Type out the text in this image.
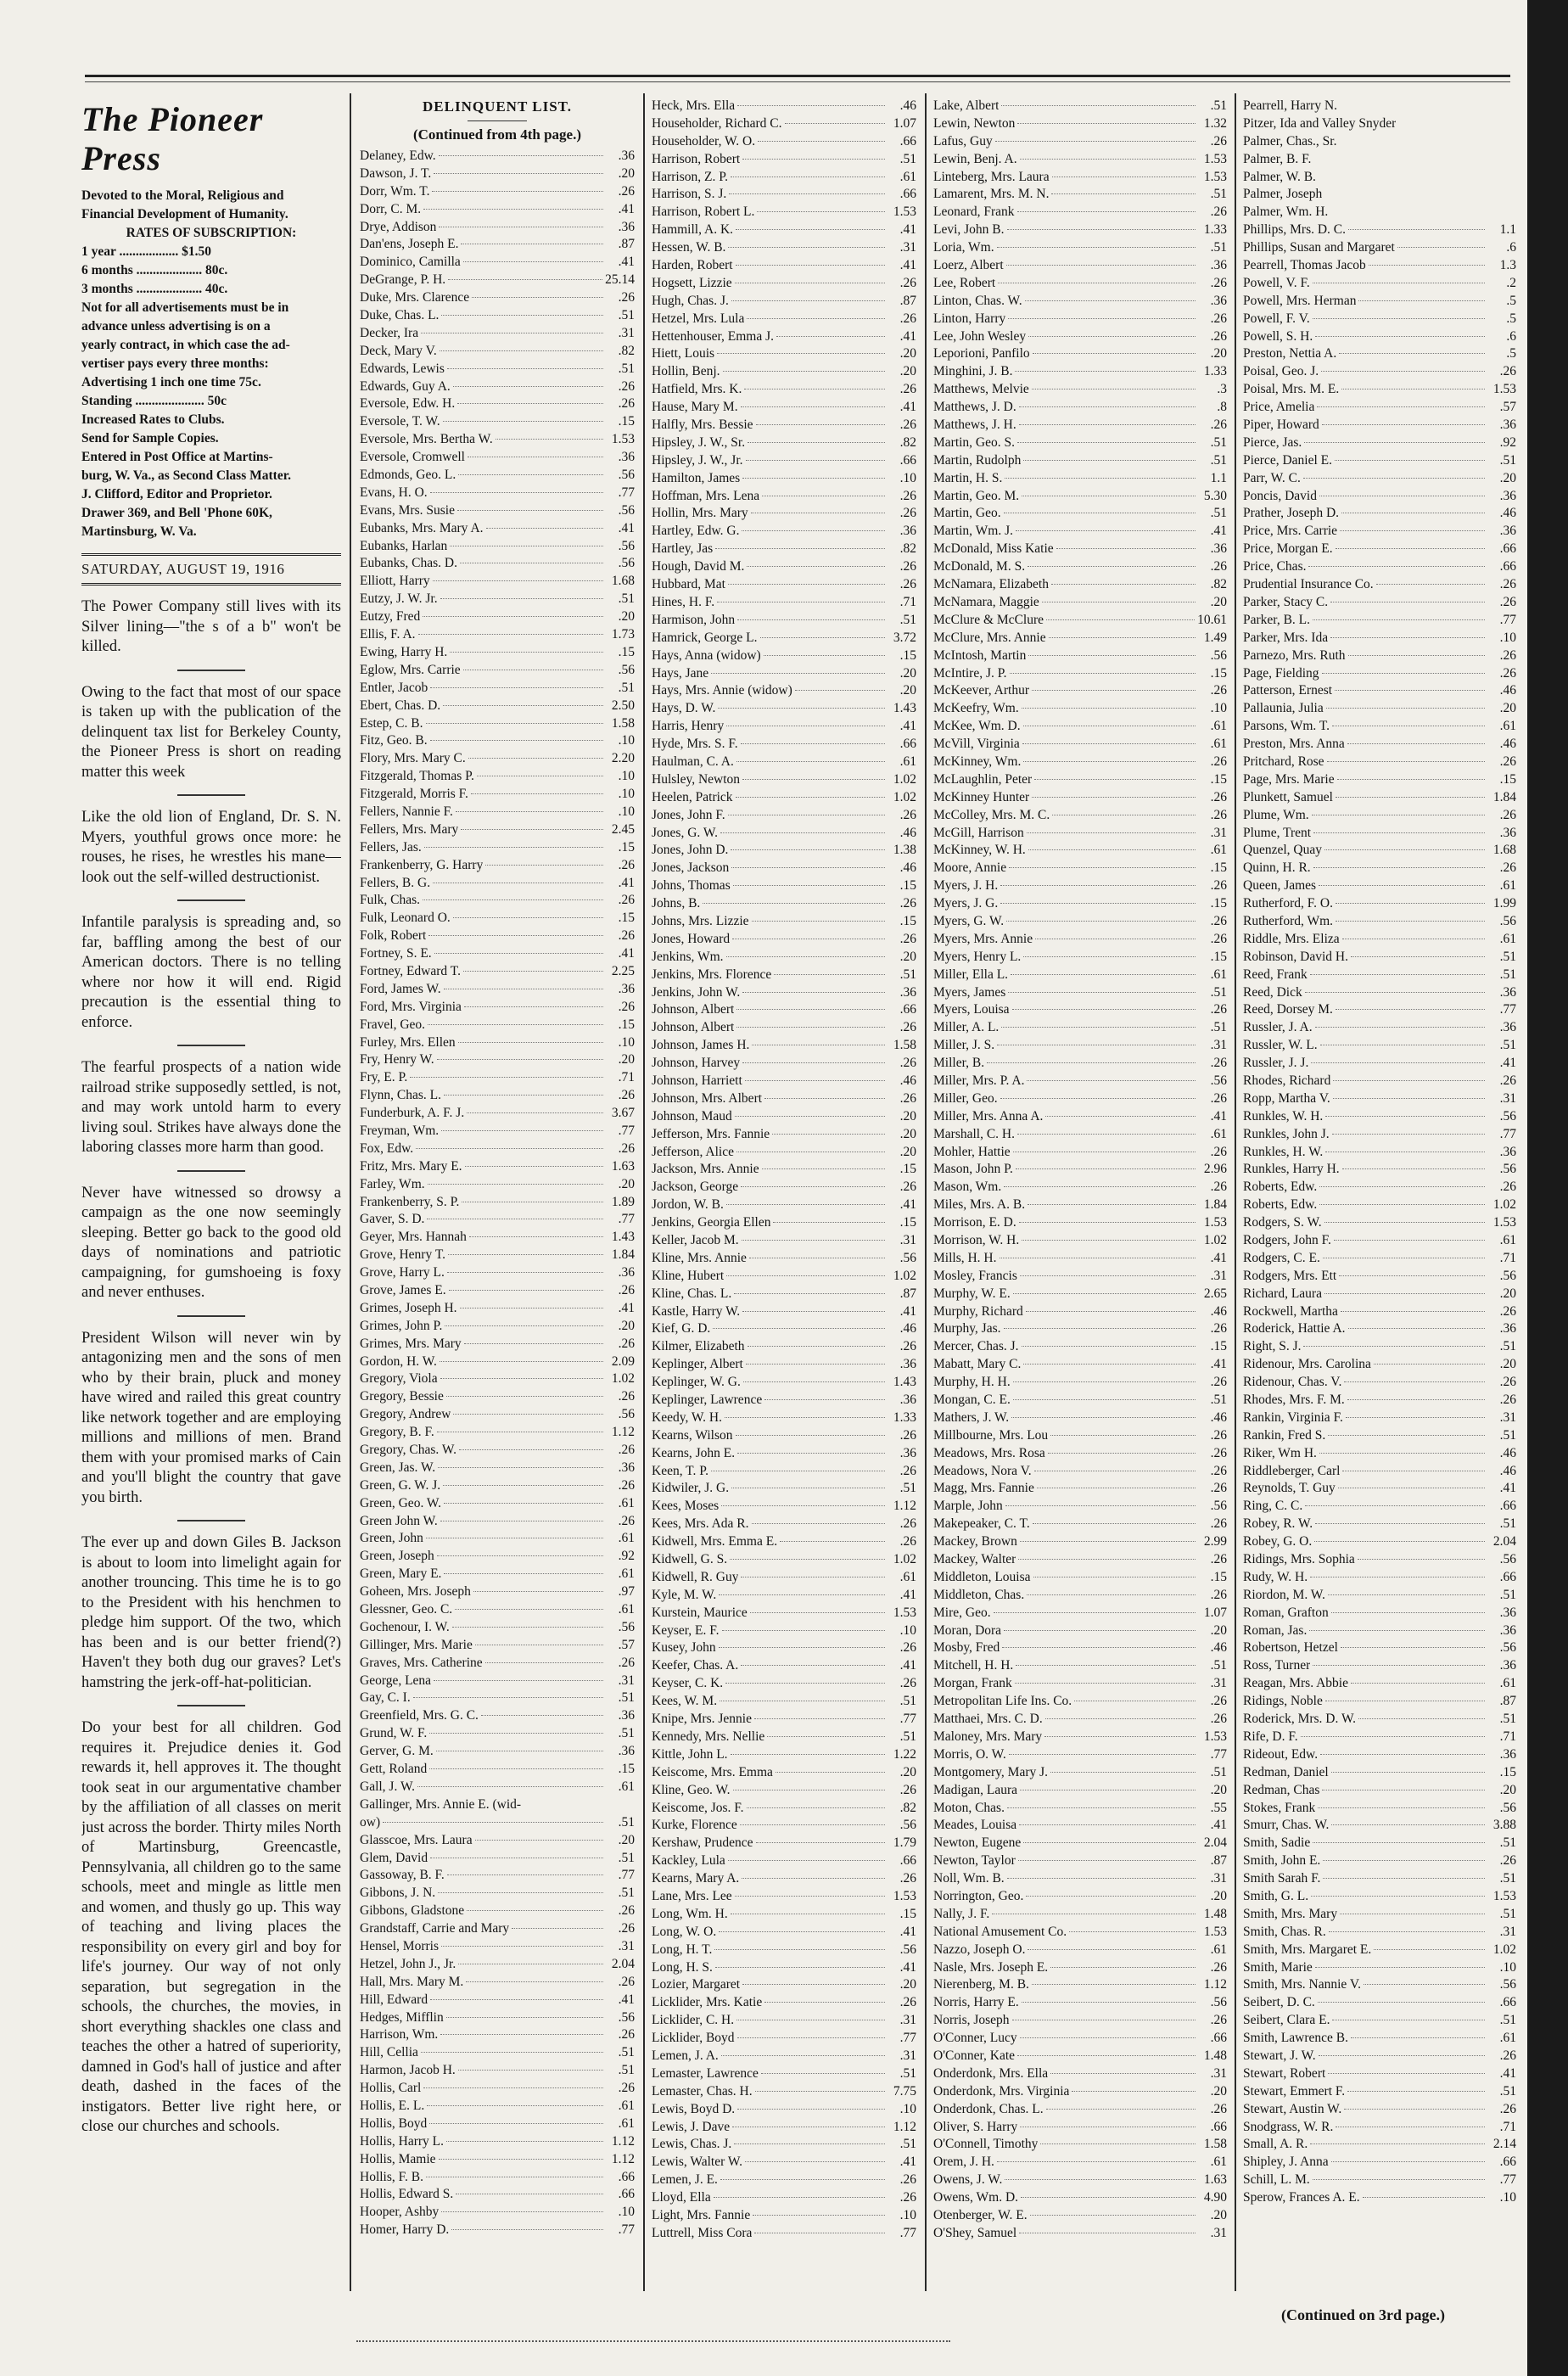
The Pioneer Press
Devoted to the Moral, Religious and
Financial Development of Humanity.
RATES OF SUBSCRIPTION:
1 year .................. $1.50
6 months .................... 80c.
3 months .................... 40c.
Not for all advertisements must be in
advance unless advertising is on a
yearly contract, in which case the ad-
vertiser pays every three months:
Advertising 1 inch one time 75c.
Standing ..................... 50c
Increased Rates to Clubs.
Send for Sample Copies.
Entered in Post Office at Martins-
burg, W. Va., as Second Class Matter.
J. Clifford, Editor and Proprietor.
Drawer 369, and Bell 'Phone 60K,
Martinsburg, W. Va.
SATURDAY, AUGUST 19, 1916

The Power Company still lives with its Silver lining—"the s of a b" won't be killed.

Owing to the fact that most of our space is taken up with the publication of the delinquent tax list for Berkeley County, the Pioneer Press is short on reading matter this week

Like the old lion of England, Dr. S. N. Myers, youthful grows once more: he rouses, he rises, he wrestles his mane—look out the self-willed destructionist.

Infantile paralysis is spreading and, so far, baffling among the best of our American doctors. There is no telling where nor how it will end. Rigid precaution is the essential thing to enforce.

The fearful prospects of a nation wide railroad strike supposedly settled, is not, and may work untold harm to every living soul. Strikes have always done the laboring classes more harm than good.

Never have witnessed so drowsy a campaign as the one now seemingly sleeping. Better go back to the good old days of nominations and patriotic campaigning, for gumshoeing is foxy and never enthuses.

President Wilson will never win by antagonizing men and the sons of men who by their brain, pluck and money have wired and railed this great country like network together and are employing millions and millions of men. Brand them with your promised marks of Cain and you'll blight the country that gave you birth.

The ever up and down Giles B. Jackson is about to loom into limelight again for another trouncing. This time he is to go to the President with his henchmen to pledge him support. Of the two, which has been and is our better friend(?) Haven't they both dug our graves? Let's hamstring the jerk-off-hat-politician.

Do your best for all children. God requires it. Prejudice denies it. God rewards it, hell approves it. The thought took seat in our argumentative chamber by the affiliation of all classes on merit just across the border. Thirty miles North of Martinsburg, Greencastle, Pennsylvania, all children go to the same schools, meet and mingle as little men and women, and thusly go up. This way of teaching and living places the responsibility on every girl and boy for life's journey. Our way of not only separation, but segregation in the schools, the churches, the movies, in short everything shackles one class and teaches the other a hatred of superiority, damned in God's hall of justice and after death, dashed in the faces of the instigators. Better live right here, or close our churches and schools.

DELINQUENT LIST.
(Continued from 4th page.)
Delaney, Edw.	.36
Dawson, J. T.	.20
Dorr, Wm. T.	.26
Dorr, C. M.	.41
Drye, Addison	.36
Dan'ens, Joseph E.	.87
Dominico, Camilla	.41
DeGrange, P. H.	25.14
Duke, Mrs. Clarence	.26
Duke, Chas. L.	.51
Decker, Ira	.31
Deck, Mary V.	.82
Edwards, Lewis	.51
Edwards, Guy A.	.26
Eversole, Edw. H.	.26
Eversole, T. W.	.15
Eversole, Mrs. Bertha W.	1.53
Eversole, Cromwell	.36
Edmonds, Geo. L.	.56
Evans, H. O.	.77
Evans, Mrs. Susie	.56
Eubanks, Mrs. Mary A.	.41
Eubanks, Harlan	.56
Eubanks, Chas. D.	.56
Elliott, Harry	1.68
Eutzy, J. W. Jr.	.51
Eutzy, Fred	.20
Ellis, F. A.	1.73
Ewing, Harry H.	.15
Eglow, Mrs. Carrie	.56
Entler, Jacob	.51
Ebert, Chas. D.	2.50
Estep, C. B.	1.58
Fitz, Geo. B.	.10
Flory, Mrs. Mary C.	2.20
Fitzgerald, Thomas P.	.10
Fitzgerald, Morris F.	.10
Fellers, Nannie F.	.10
Fellers, Mrs. Mary	2.45
Fellers, Jas.	.15
Frankenberry, G. Harry	.26
Fellers, B. G.	.41
Fulk, Chas.	.26
Fulk, Leonard O.	.15
Folk, Robert	.26
Fortney, S. E.	.41
Fortney, Edward T.	2.25
Ford, James W.	.36
Ford, Mrs. Virginia	.26
Fravel, Geo.	.15
Furley, Mrs. Ellen	.10
Fry, Henry W.	.20
Fry, E. P.	.71
Flynn, Chas. L.	.26
Funderburk, A. F. J.	3.67
Freyman, Wm.	.77
Fox, Edw.	.26
Fritz, Mrs. Mary E.	1.63
Farley, Wm.	.20
Frankenberry, S. P.	1.89
Gaver, S. D.	.77
Geyer, Mrs. Hannah	1.43
Grove, Henry T.	1.84
Grove, Harry L.	.36
Grove, James E.	.26
Grimes, Joseph H.	.41
Grimes, John P.	.20
Grimes, Mrs. Mary	.26
Gordon, H. W.	2.09
Gregory, Viola	1.02
Gregory, Bessie	.26
Gregory, Andrew	.56
Gregory, B. F.	1.12
Gregory, Chas. W.	.26
Green, Jas. W.	.36
Green, G. W. J.	.26
Green, Geo. W.	.61
Green John W.	.26
Green, John	.61
Green, Joseph	.92
Green, Mary E.	.61
Goheen, Mrs. Joseph	.97
Glessner, Geo. C.	.61
Gochenour, I. W.	.56
Gillinger, Mrs. Marie	.57
Graves, Mrs. Catherine	.26
George, Lena	.31
Gay, C. I.	.51
Greenfield, Mrs. G. C.	.36
Grund, W. F.	.51
Gerver, G. M.	.36
Gett, Roland	.15
Gall, J. W.	.61
Gallinger, Mrs. Annie E. (wid-
ow)	.51
Glasscoe, Mrs. Laura	.20
Glem, David	.51
Gassoway, B. F.	.77
Gibbons, J. N.	.51
Gibbons, Gladstone	.26
Grandstaff, Carrie and Mary	.26
Hensel, Morris	.31
Hetzel, John J., Jr.	2.04
Hall, Mrs. Mary M.	.26
Hill, Edward	.41
Hedges, Mifflin	.56
Harrison, Wm.	.26
Hill, Cellia	.51
Harmon, Jacob H.	.51
Hollis, Carl	.26
Hollis, E. L.	.61
Hollis, Boyd	.61
Hollis, Harry L.	1.12
Hollis, Mamie	1.12
Hollis, F. B.	.66
Hollis, Edward S.	.66
Hooper, Ashby	.10
Homer, Harry D.	.77
Heck, Mrs. Ella	.46
Householder, Richard C.	1.07
Householder, W. O.	.66
Harrison, Robert	.51
Harrison, Z. P.	.61
Harrison, S. J.	.66
Harrison, Robert L.	1.53
Hammill, A. K.	.41
Hessen, W. B.	.31
Harden, Robert	.41
Hogsett, Lizzie	.26
Hugh, Chas. J.	.87
Hetzel, Mrs. Lula	.26
Hettenhouser, Emma J.	.41
Hiett, Louis	.20
Hollin, Benj.	.20
Hatfield, Mrs. K.	.26
Hause, Mary M.	.41
Halfly, Mrs. Bessie	.26
Hipsley, J. W., Sr.	.82
Hipsley, J. W., Jr.	.66
Hamilton, James	.10
Hoffman, Mrs. Lena	.26
Hollin, Mrs. Mary	.26
Hartley, Edw. G.	.36
Hartley, Jas	.82
Hough, David M.	.26
Hubbard, Mat	.26
Hines, H. F.	.71
Harmison, John	.51
Hamrick, George L.	3.72
Hays, Anna (widow)	.15
Hays, Jane	.20
Hays, Mrs. Annie (widow)	.20
Hays, D. W.	1.43
Harris, Henry	.41
Hyde, Mrs. S. F.	.66
Haulman, C. A.	.61
Hulsley, Newton	1.02
Heelen, Patrick	1.02
Jones, John F.	.26
Jones, G. W.	.46
Jones, John D.	1.38
Jones, Jackson	.46
Johns, Thomas	.15
Johns, B.	.26
Johns, Mrs. Lizzie	.15
Jones, Howard	.26
Jenkins, Wm.	.20
Jenkins, Mrs. Florence	.51
Jenkins, John W.	.36
Johnson, Albert	.66
Johnson, Albert	.26
Johnson, James H.	1.58
Johnson, Harvey	.26
Johnson, Harriett	.46
Johnson, Mrs. Albert	.26
Johnson, Maud	.20
Jefferson, Mrs. Fannie	.20
Jefferson, Alice	.20
Jackson, Mrs. Annie	.15
Jackson, George	.26
Jordon, W. B.	.41
Jenkins, Georgia Ellen	.15
Keller, Jacob M.	.31
Kline, Mrs. Annie	.56
Kline, Hubert	1.02
Kline, Chas. L.	.87
Kastle, Harry W.	.41
Kief, G. D.	.46
Kilmer, Elizabeth	.26
Keplinger, Albert	.36
Keplinger, W. G.	1.43
Keplinger, Lawrence	.36
Keedy, W. H.	1.33
Kearns, Wilson	.26
Kearns, John E.	.36
Keen, T. P.	.26
Kidwiler, J. G.	.51
Kees, Moses	1.12
Kees, Mrs. Ada R.	.26
Kidwell, Mrs. Emma E.	.26
Kidwell, G. S.	1.02
Kidwell, R. Guy	.61
Kyle, M. W.	.41
Kurstein, Maurice	1.53
Keyser, E. F.	.10
Kusey, John	.26
Keefer, Chas. A.	.41
Keyser, C. K.	.26
Kees, W. M.	.51
Knipe, Mrs. Jennie	.77
Kennedy, Mrs. Nellie	.51
Kittle, John L.	1.22
Keiscome, Mrs. Emma	.20
Kline, Geo. W.	.26
Keiscome, Jos. F.	.82
Kurke, Florence	.56
Kershaw, Prudence	1.79
Kackley, Lula	.66
Kearns, Mary A.	.26
Lane, Mrs. Lee	1.53
Long, Wm. H.	.15
Long, W. O.	.41
Long, H. T.	.56
Long, H. S.	.41
Lozier, Margaret	.20
Licklider, Mrs. Katie	.26
Licklider, C. H.	.31
Licklider, Boyd	.77
Lemen, J. A.	.31
Lemaster, Lawrence	.51
Lemaster, Chas. H.	7.75
Lewis, Boyd D.	.10
Lewis, J. Dave	1.12
Lewis, Chas. J.	.51
Lewis, Walter W.	.41
Lemen, J. E.	.26
Lloyd, Ella	.26
Light, Mrs. Fannie	.10
Luttrell, Miss Cora	.77
Lake, Albert	.51
Lewin, Newton	1.32
Lafus, Guy	.26
Lewin, Benj. A.	1.53
Linteberg, Mrs. Laura	1.53
Lamarent, Mrs. M. N.	.51
Leonard, Frank	.26
Levi, John B.	1.33
Loria, Wm.	.51
Loerz, Albert	.36
Lee, Robert	.26
Linton, Chas. W.	.36
Linton, Harry	.26
Lee, John Wesley	.26
Leporioni, Panfilo	.20
Minghini, J. B.	1.33
Matthews, Melvie	.3
Matthews, J. D.	.8
Matthews, J. H.	.26
Martin, Geo. S.	.51
Martin, Rudolph	.51
Martin, H. S.	1.1
Martin, Geo. M.	5.30
Martin, Geo.	.51
Martin, Wm. J.	.41
McDonald, Miss Katie	.36
McDonald, M. S.	.26
McNamara, Elizabeth	.82
McNamara, Maggie	.20
McClure & McClure	10.61
McClure, Mrs. Annie	1.49
McIntosh, Martin	.56
McIntire, J. P.	.15
McKeever, Arthur	.26
McKeefry, Wm.	.10
McKee, Wm. D.	.61
McVill, Virginia	.61
McKinney, Wm.	.26
McLaughlin, Peter	.15
McKinney Hunter	.26
McColley, Mrs. M. C.	.26
McGill, Harrison	.31
McKinney, W. H.	.61
Moore, Annie	.15
Myers, J. H.	.26
Myers, J. G.	.15
Myers, G. W.	.26
Myers, Mrs. Annie	.26
Myers, Henry L.	.15
Miller, Ella L.	.61
Myers, James	.51
Myers, Louisa	.26
Miller, A. L.	.51
Miller, J. S.	.31
Miller, B.	.26
Miller, Mrs. P. A.	.56
Miller, Geo.	.26
Miller, Mrs. Anna A.	.41
Marshall, C. H.	.61
Mohler, Hattie	.26
Mason, John P.	2.96
Mason, Wm.	.26
Miles, Mrs. A. B.	1.84
Morrison, E. D.	1.53
Morrison, W. H.	1.02
Mills, H. H.	.41
Mosley, Francis	.31
Murphy, W. E.	2.65
Murphy, Richard	.46
Murphy, Jas.	.26
Mercer, Chas. J.	.15
Mabatt, Mary C.	.41
Murphy, H. H.	.26
Mongan, C. E.	.51
Mathers, J. W.	.46
Millbourne, Mrs. Lou	.26
Meadows, Mrs. Rosa	.26
Meadows, Nora V.	.26
Magg, Mrs. Fannie	.26
Marple, John	.56
Makepeaker, C. T.	.26
Mackey, Brown	2.99
Mackey, Walter	.26
Middleton, Louisa	.15
Middleton, Chas.	.26
Mire, Geo.	1.07
Moran, Dora	.20
Mosby, Fred	.46
Mitchell, H. H.	.51
Morgan, Frank	.31
Metropolitan Life Ins. Co.	.26
Matthaei, Mrs. C. D.	.26
Maloney, Mrs. Mary	1.53
Morris, O. W.	.77
Montgomery, Mary J.	.51
Madigan, Laura	.20
Moton, Chas.	.55
Meades, Louisa	.41
Newton, Eugene	2.04
Newton, Taylor	.87
Noll, Wm. B.	.31
Norrington, Geo.	.20
Nally, J. F.	1.48
National Amusement Co.	1.53
Nazzo, Joseph O.	.61
Nasle, Mrs. Joseph E.	.26
Nierenberg, M. B.	1.12
Norris, Harry E.	.56
Norris, Joseph	.26
O'Conner, Lucy	.66
O'Conner, Kate	1.48
Onderdonk, Mrs. Ella	.31
Onderdonk, Mrs. Virginia	.20
Onderdonk, Chas. L.	.26
Oliver, S. Harry	.66
O'Connell, Timothy	1.58
Orem, J. H.	.61
Owens, J. W.	1.63
Owens, Wm. D.	4.90
Otenberger, W. E.	.20
O'Shey, Samuel	.31
Pearrell, Harry N.
Pitzer, Ida and Valley Snyder
Palmer, Chas., Sr.
Palmer, B. F.
Palmer, W. B.
Palmer, Joseph
Palmer, Wm. H.
Phillips, Mrs. D. C.	1.1
Phillips, Susan and Margaret	.6
Pearrell, Thomas Jacob	1.3
Powell, V. F.	.2
Powell, Mrs. Herman	.5
Powell, F. V.	.5
Powell, S. H.	.6
Preston, Nettia A.	.5
Poisal, Geo. J.	.26
Poisal, Mrs. M. E.	1.53
Price, Amelia	.57
Piper, Howard	.36
Pierce, Jas.	.92
Pierce, Daniel E.	.51
Parr, W. C.	.20
Poncis, David	.36
Prather, Joseph D.	.46
Price, Mrs. Carrie	.36
Price, Morgan E.	.66
Price, Chas.	.66
Prudential Insurance Co.	.26
Parker, Stacy C.	.26
Parker, B. L.	.77
Parker, Mrs. Ida	.10
Parnezo, Mrs. Ruth	.26
Page, Fielding	.26
Patterson, Ernest	.46
Pallaunia, Julia	.20
Parsons, Wm. T.	.61
Preston, Mrs. Anna	.46
Pritchard, Rose	.26
Page, Mrs. Marie	.15
Plunkett, Samuel	1.84
Plume, Wm.	.26
Plume, Trent	.36
Quenzel, Quay	1.68
Quinn, H. R.	.26
Queen, James	.61
Rutherford, F. O.	1.99
Rutherford, Wm.	.56
Riddle, Mrs. Eliza	.61
Robinson, David H.	.51
Reed, Frank	.51
Reed, Dick	.36
Reed, Dorsey M.	.77
Russler, J. A.	.36
Russler, W. L.	.51
Russler, J. J.	.41
Rhodes, Richard	.26
Ropp, Martha V.	.31
Runkles, W. H.	.56
Runkles, John J.	.77
Runkles, H. W.	.36
Runkles, Harry H.	.56
Roberts, Edw.	.26
Roberts, Edw.	1.02
Rodgers, S. W.	1.53
Rodgers, John F.	.61
Rodgers, C. E.	.71
Rodgers, Mrs. Ett	.56
Richard, Laura	.20
Rockwell, Martha	.26
Roderick, Hattie A.	.36
Right, S. J.	.51
Ridenour, Mrs. Carolina	.20
Ridenour, Chas. V.	.26
Rhodes, Mrs. F. M.	.26
Rankin, Virginia F.	.31
Rankin, Fred S.	.51
Riker, Wm H.	.46
Riddleberger, Carl	.46
Reynolds, T. Guy	.41
Ring, C. C.	.66
Robey, R. W.	.51
Robey, G. O.	2.04
Ridings, Mrs. Sophia	.56
Rudy, W. H.	.66
Riordon, M. W.	.51
Roman, Grafton	.36
Roman, Jas.	.36
Robertson, Hetzel	.56
Ross, Turner	.36
Reagan, Mrs. Abbie	.61
Ridings, Noble	.87
Roderick, Mrs. D. W.	.51
Rife, D. F.	.71
Rideout, Edw.	.36
Redman, Daniel	.15
Redman, Chas	.20
Stokes, Frank	.56
Smurr, Chas. W.	3.88
Smith, Sadie	.51
Smith, John E.	.26
Smith Sarah F.	.51
Smith, G. L.	1.53
Smith, Mrs. Mary	.51
Smith, Chas. R.	.31
Smith, Mrs. Margaret E.	1.02
Smith, Marie	.10
Smith, Mrs. Nannie V.	.56
Seibert, D. C.	.66
Seibert, Clara E.	.51
Smith, Lawrence B.	.61
Stewart, J. W.	.26
Stewart, Robert	.41
Stewart, Emmert F.	.51
Stewart, Austin W.	.26
Snodgrass, W. R.	.71
Small, A. R.	2.14
Shipley, J. Anna	.66
Schill, L. M.	.77
Sperow, Frances A. E.	.10
(Continued on 3rd page.)
